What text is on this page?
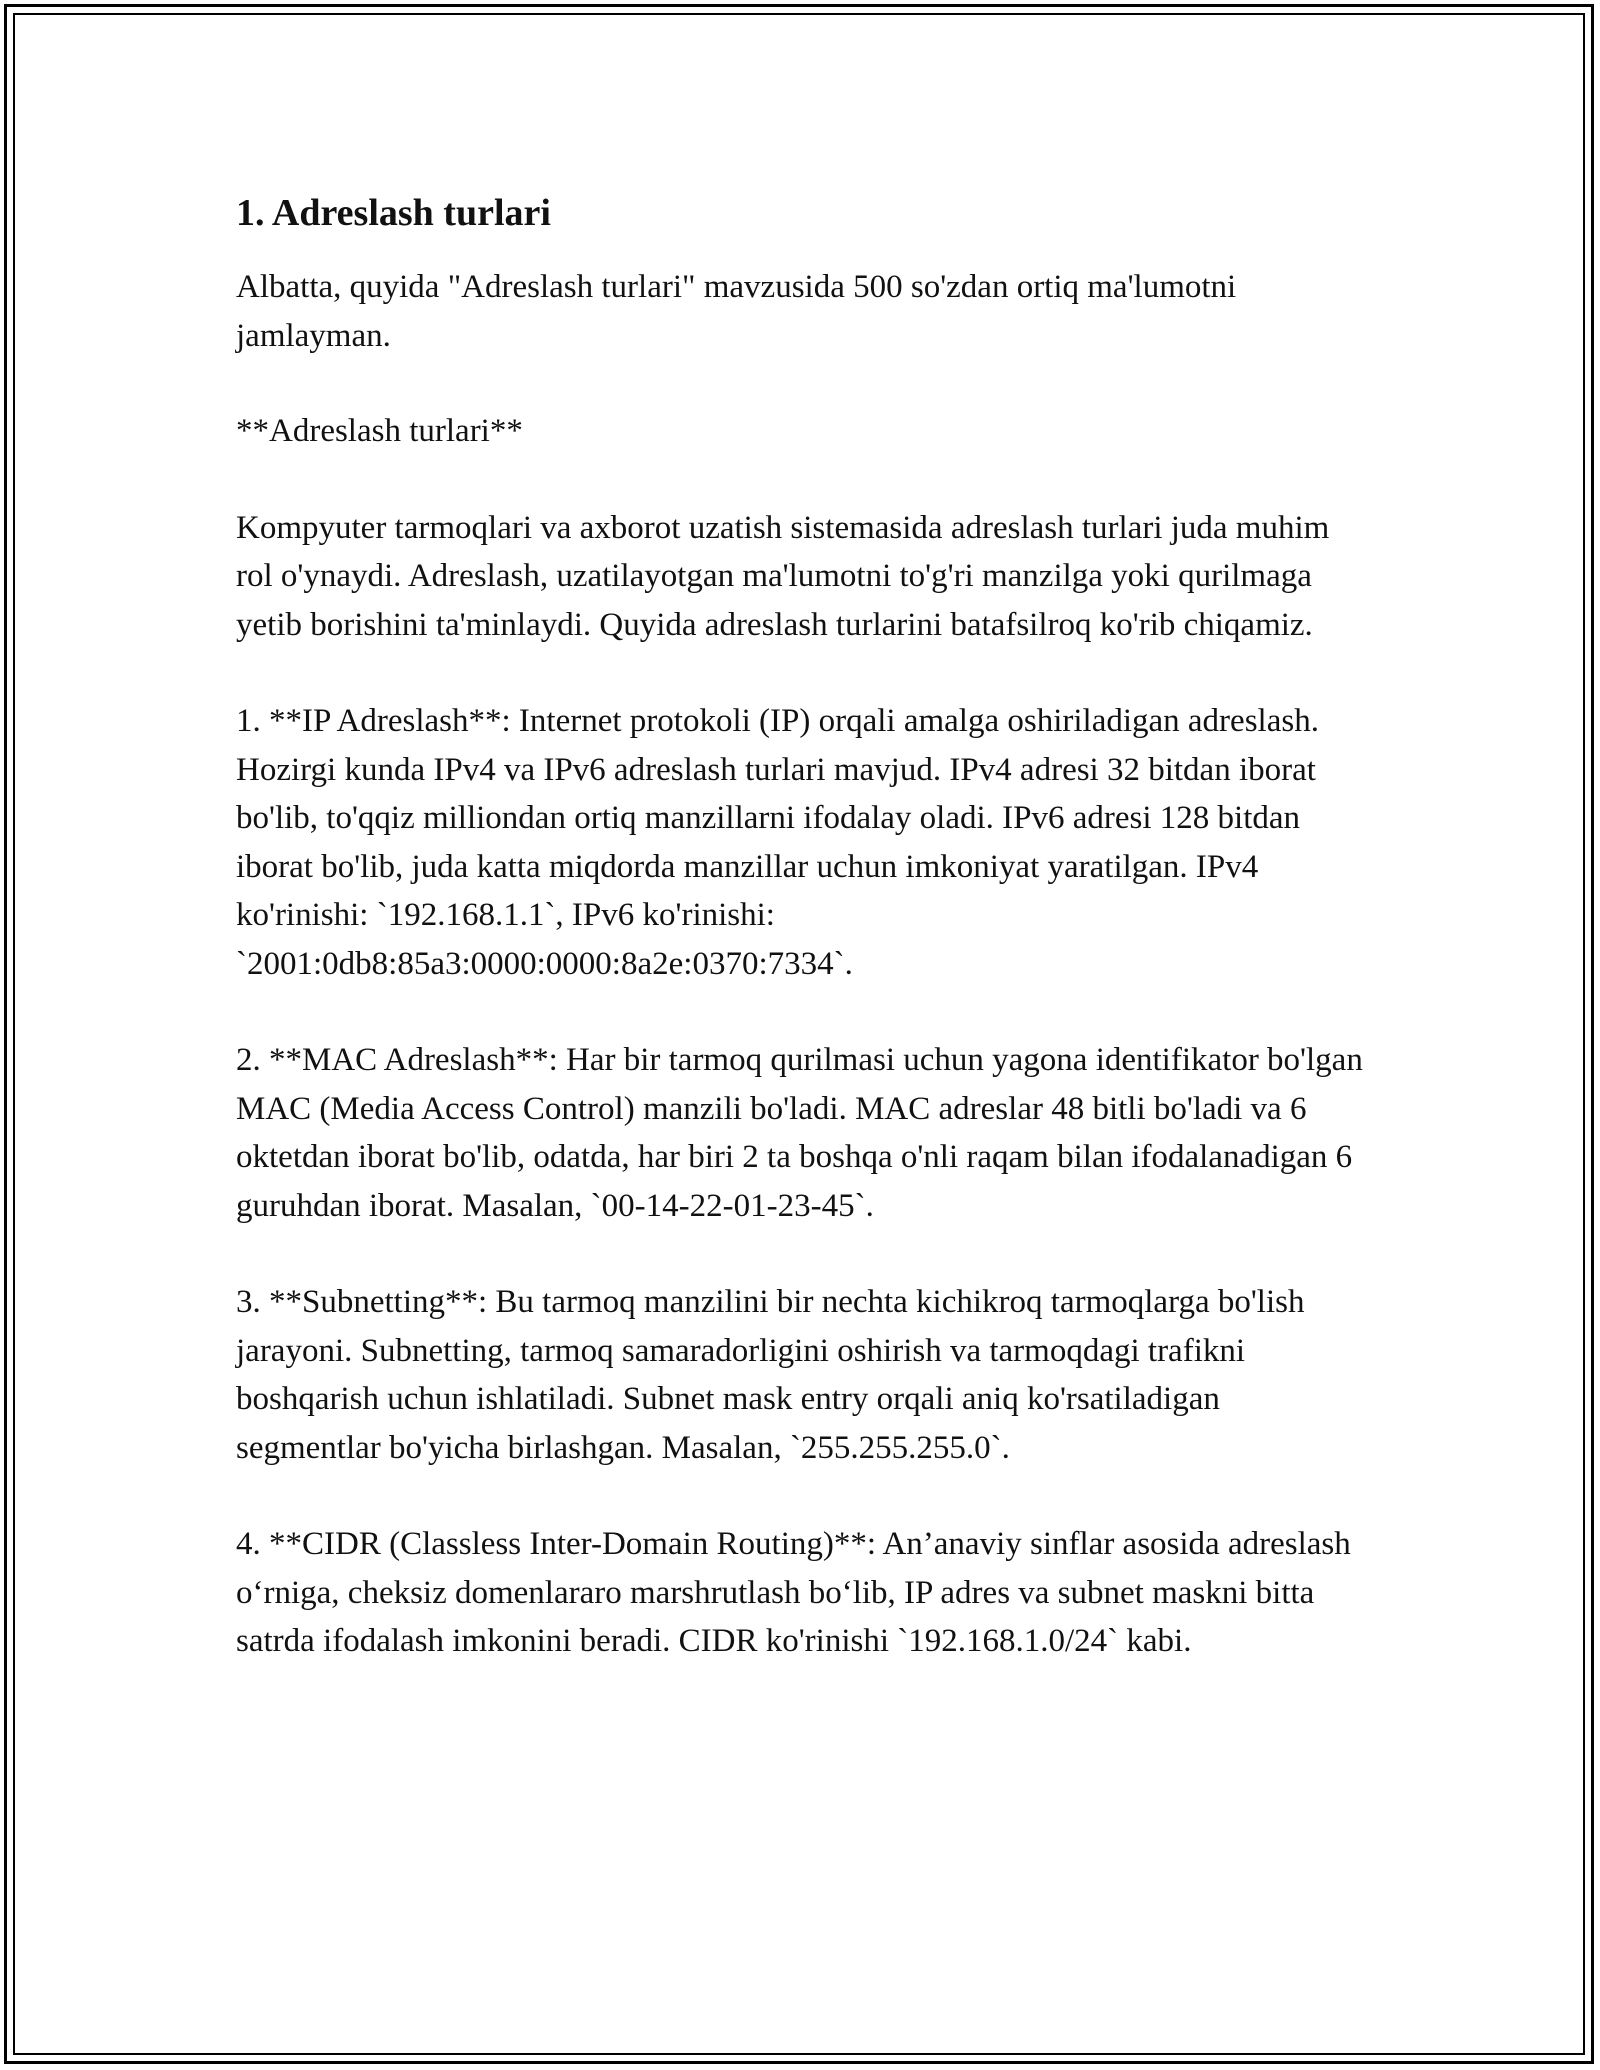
1. Adreslash turlari

Albatta, quyida "Adreslash turlari" mavzusida 500 so'zdan ortiq ma'lumotni jamlayman.

**Adreslash turlari**

Kompyuter tarmoqlari va axborot uzatish sistemasida adreslash turlari juda muhim rol o'ynaydi. Adreslash, uzatilayotgan ma'lumotni to'g'ri manzilga yoki qurilmaga yetib borishini ta'minlaydi. Quyida adreslash turlarini batafsilroq ko'rib chiqamiz.

1. **IP Adreslash**: Internet protokoli (IP) orqali amalga oshiriladigan adreslash. Hozirgi kunda IPv4 va IPv6 adreslash turlari mavjud. IPv4 adresi 32 bitdan iborat bo'lib, to'qqiz milliondan ortiq manzillarni ifodalay oladi. IPv6 adresi 128 bitdan iborat bo'lib, juda katta miqdorda manzillar uchun imkoniyat yaratilgan. IPv4 ko'rinishi: `192.168.1.1`, IPv6 ko'rinishi: `2001:0db8:85a3:0000:0000:8a2e:0370:7334`.

2. **MAC Adreslash**: Har bir tarmoq qurilmasi uchun yagona identifikator bo'lgan MAC (Media Access Control) manzili bo'ladi. MAC adreslar 48 bitli bo'ladi va 6 oktetdan iborat bo'lib, odatda, har biri 2 ta boshqa o'nli raqam bilan ifodalanadigan 6 guruhdan iborat. Masalan, `00-14-22-01-23-45`.

3. **Subnetting**: Bu tarmoq manzilini bir nechta kichikroq tarmoqlarga bo'lish jarayoni. Subnetting, tarmoq samaradorligini oshirish va tarmoqdagi trafikni boshqarish uchun ishlatiladi. Subnet mask entry orqali aniq ko'rsatiladigan segmentlar bo'yicha birlashgan. Masalan, `255.255.255.0`.

4. **CIDR (Classless Inter-Domain Routing)**: An’anaviy sinflar asosida adreslash o‘rniga, cheksiz domenlararo marshrutlash bo‘lib, IP adres va subnet maskni bitta satrda ifodalash imkonini beradi. CIDR ko'rinishi `192.168.1.0/24` kabi.
